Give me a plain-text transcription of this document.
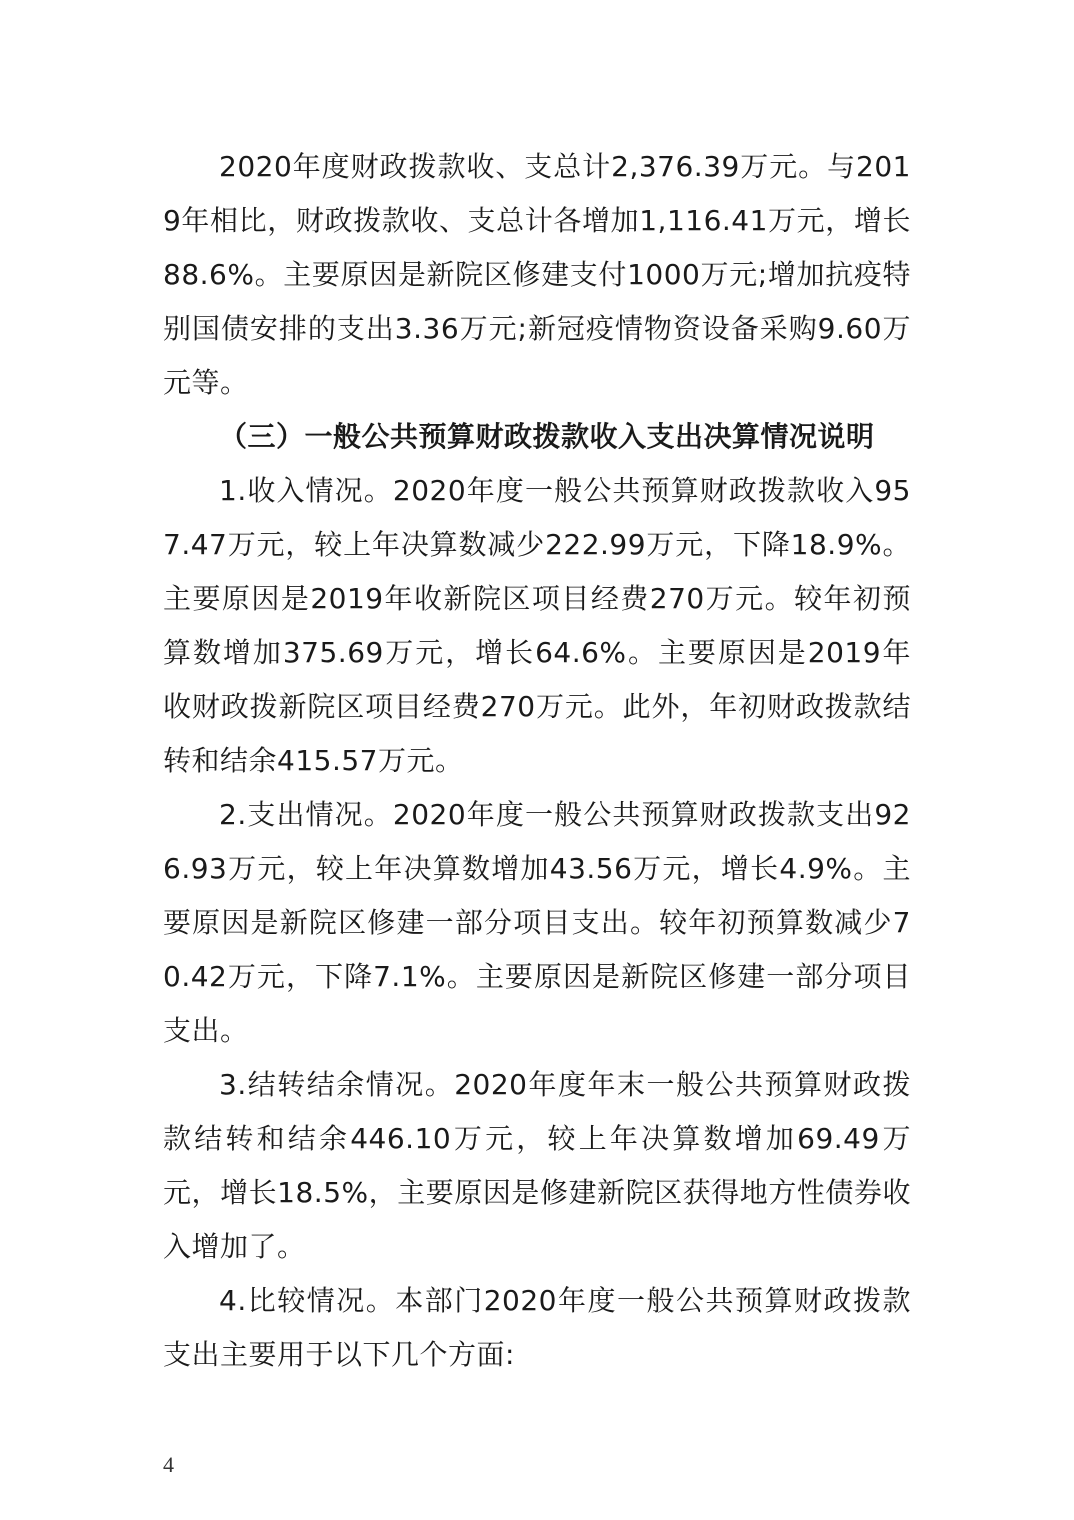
2020年度财政拨款收、支总计2,376.39万元。与2019年相比，财政拨款收、支总计各增加1,116.41万元，增长88.6%。主要原因是新院区修建支付1000万元;增加抗疫特别国债安排的支出3.36万元;新冠疫情物资设备采购9.60万元等。

（三）一般公共预算财政拨款收入支出决算情况说明

1.收入情况。2020年度一般公共预算财政拨款收入957.47万元，较上年决算数减少222.99万元，下降18.9%。主要原因是2019年收新院区项目经费270万元。较年初预算数增加375.69万元，增长64.6%。主要原因是2019年收财政拨新院区项目经费270万元。此外，年初财政拨款结转和结余415.57万元。

2.支出情况。2020年度一般公共预算财政拨款支出926.93万元，较上年决算数增加43.56万元，增长4.9%。主要原因是新院区修建一部分项目支出。较年初预算数减少70.42万元，下降7.1%。主要原因是新院区修建一部分项目支出。

3.结转结余情况。2020年度年末一般公共预算财政拨款结转和结余446.10万元，较上年决算数增加69.49万元，增长18.5%，主要原因是修建新院区获得地方性债券收入增加了。

4.比较情况。本部门2020年度一般公共预算财政拨款支出主要用于以下几个方面:

4
